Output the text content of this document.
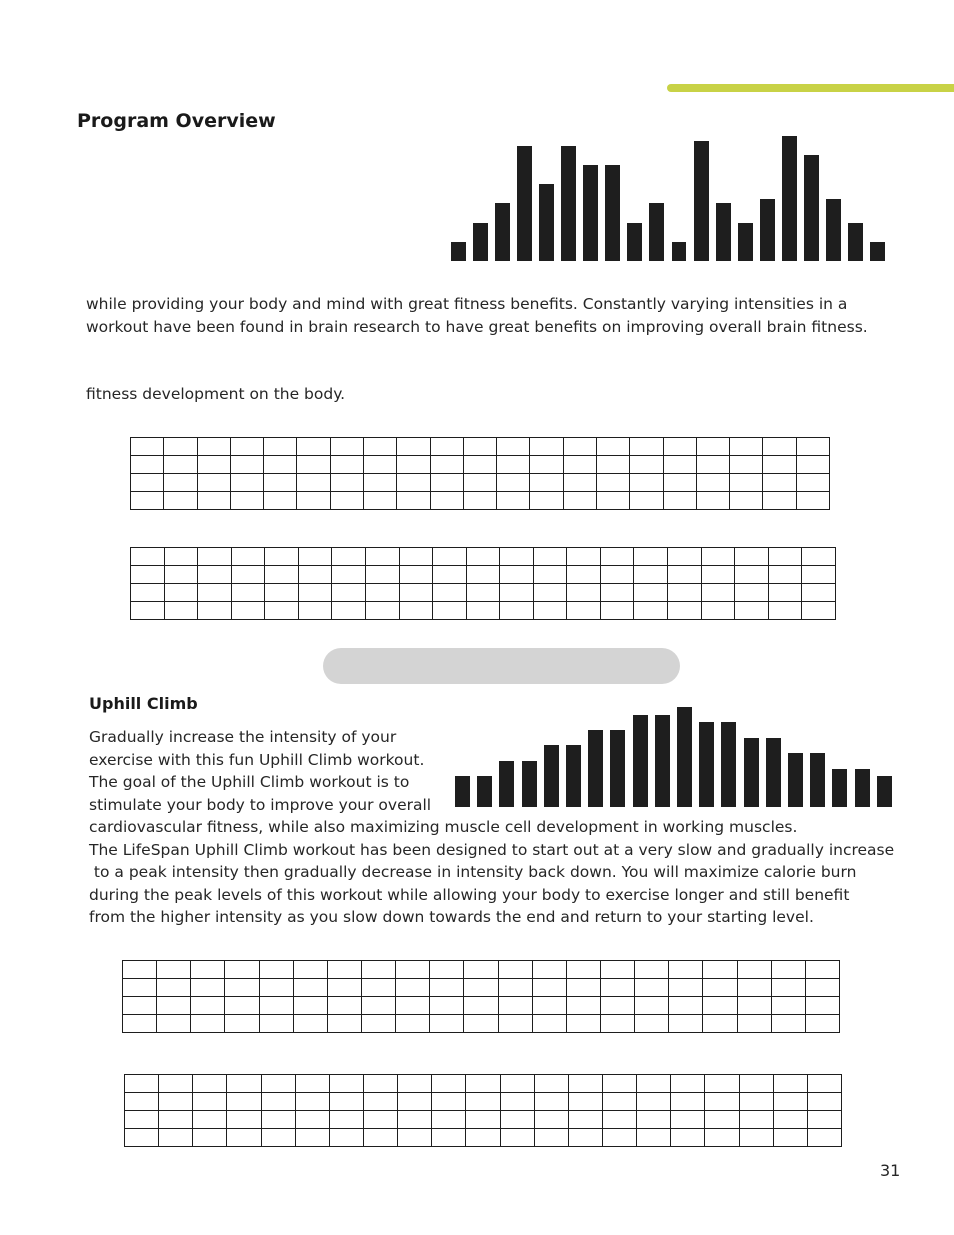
Program Overview

while providing your body and mind with great fitness benefits. Constantly varying intensities in a
workout have been found in brain research to have great benefits on improving overall brain fitness.

fitness development on the body.

Uphill Climb

Gradually increase the intensity of your
exercise with this fun Uphill Climb workout.
The goal of the Uphill Climb workout is to
stimulate your body to improve your overall
cardiovascular fitness, while also maximizing muscle cell development in working muscles.
The LifeSpan Uphill Climb workout has been designed to start out at a very slow and gradually increase
to a peak intensity then gradually decrease in intensity back down. You will maximize calorie burn
during the peak levels of this workout while allowing your body to exercise longer and still benefit
from the higher intensity as you slow down towards the end and return to your starting level.

31
